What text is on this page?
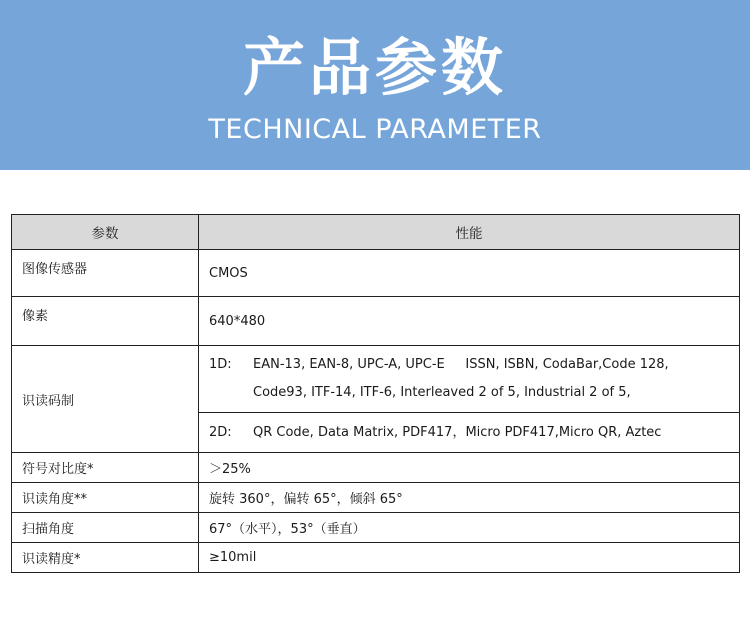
产品参数
TECHNICAL PARAMETER
参数	性能
图像传感器	CMOS
像素	640*480
识读码制	1D: EAN-13, EAN-8, UPC-A, UPC-E     ISSN, ISBN, CodaBar,Code 128,
Code93, ITF-14, ITF-6, Interleaved 2 of 5, Industrial 2 of 5,

	2D: QR Code, Data Matrix, PDF417，Micro PDF417,Micro QR, Aztec

符号对比度*	＞25%
识读角度**	旋转 360°，偏转 65°，倾斜 65°
扫描角度	67°（水平），53°（垂直）
识读精度*	≥10mil
